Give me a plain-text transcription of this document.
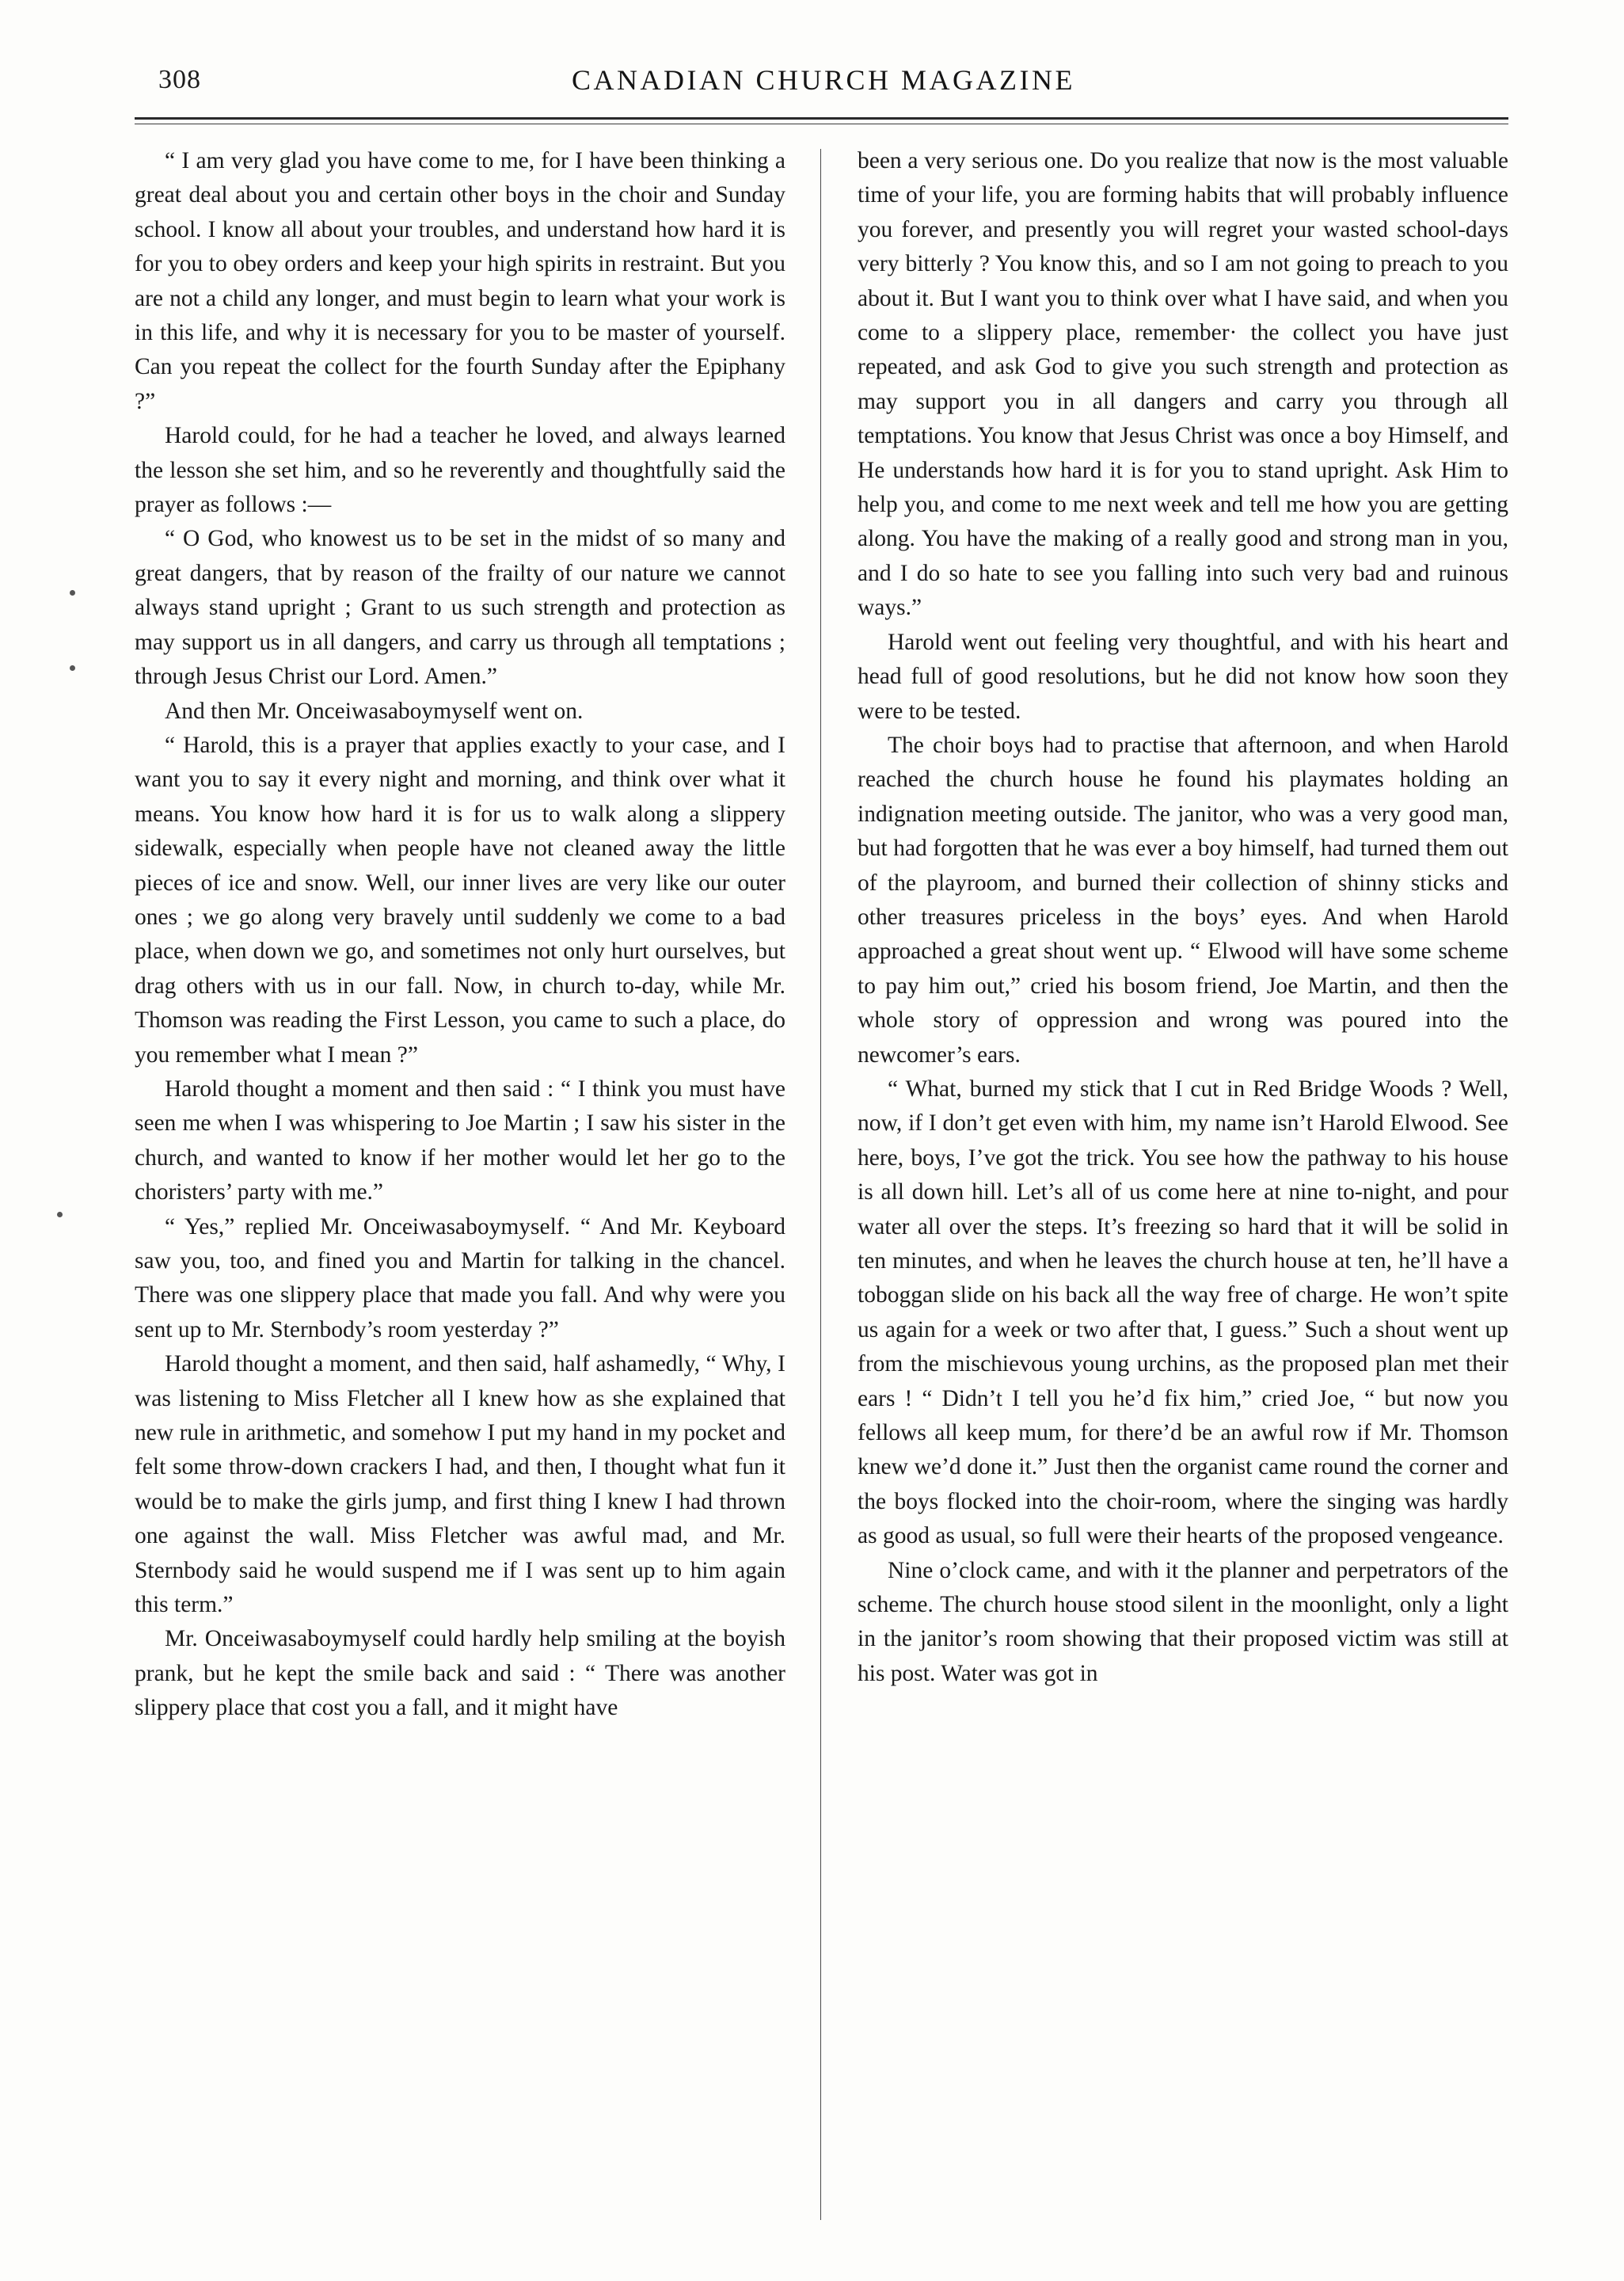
308	CANADIAN CHURCH MAGAZINE

“ I am very glad you have come to me, for I have been thinking a great deal about you and certain other boys in the choir and Sunday school. I know all about your troubles, and understand how hard it is for you to obey orders and keep your high spirits in restraint. But you are not a child any longer, and must begin to learn what your work is in this life, and why it is necessary for you to be master of yourself. Can you repeat the collect for the fourth Sunday after the Epiphany ?”

Harold could, for he had a teacher he loved, and always learned the lesson she set him, and so he reverently and thoughtfully said the prayer as follows :—

“ O God, who knowest us to be set in the midst of so many and great dangers, that by reason of the frailty of our nature we cannot always stand upright ; Grant to us such strength and protection as may support us in all dangers, and carry us through all temptations ; through Jesus Christ our Lord. Amen.”

And then Mr. Onceiwasaboymyself went on.

“ Harold, this is a prayer that applies exactly to your case, and I want you to say it every night and morning, and think over what it means. You know how hard it is for us to walk along a slippery sidewalk, especially when people have not cleaned away the little pieces of ice and snow. Well, our inner lives are very like our outer ones ; we go along very bravely until suddenly we come to a bad place, when down we go, and sometimes not only hurt ourselves, but drag others with us in our fall. Now, in church to-day, while Mr. Thomson was reading the First Lesson, you came to such a place, do you remember what I mean ?”

Harold thought a moment and then said : “ I think you must have seen me when I was whispering to Joe Martin ; I saw his sister in the church, and wanted to know if her mother would let her go to the choristers’ party with me.”

“ Yes,” replied Mr. Onceiwasaboymyself. “ And Mr. Keyboard saw you, too, and fined you and Martin for talking in the chancel. There was one slippery place that made you fall. And why were you sent up to Mr. Sternbody’s room yesterday ?”

Harold thought a moment, and then said, half ashamedly, “ Why, I was listening to Miss Fletcher all I knew how as she explained that new rule in arithmetic, and somehow I put my hand in my pocket and felt some throw-down crackers I had, and then, I thought what fun it would be to make the girls jump, and first thing I knew I had thrown one against the wall. Miss Fletcher was awful mad, and Mr. Sternbody said he would suspend me if I was sent up to him again this term.”

Mr. Onceiwasaboymyself could hardly help smiling at the boyish prank, but he kept the smile back and said : “ There was another slippery place that cost you a fall, and it might have

been a very serious one. Do you realize that now is the most valuable time of your life, you are forming habits that will probably influence you forever, and presently you will regret your wasted school-days very bitterly ? You know this, and so I am not going to preach to you about it. But I want you to think over what I have said, and when you come to a slippery place, remember· the collect you have just repeated, and ask God to give you such strength and protection as may support you in all dangers and carry you through all temptations. You know that Jesus Christ was once a boy Himself, and He understands how hard it is for you to stand upright. Ask Him to help you, and come to me next week and tell me how you are getting along. You have the making of a really good and strong man in you, and I do so hate to see you falling into such very bad and ruinous ways.”

Harold went out feeling very thoughtful, and with his heart and head full of good resolutions, but he did not know how soon they were to be tested.

The choir boys had to practise that afternoon, and when Harold reached the church house he found his playmates holding an indignation meeting outside. The janitor, who was a very good man, but had forgotten that he was ever a boy himself, had turned them out of the playroom, and burned their collection of shinny sticks and other treasures priceless in the boys’ eyes. And when Harold approached a great shout went up. “ Elwood will have some scheme to pay him out,” cried his bosom friend, Joe Martin, and then the whole story of oppression and wrong was poured into the newcomer’s ears.

“ What, burned my stick that I cut in Red Bridge Woods ? Well, now, if I don’t get even with him, my name isn’t Harold Elwood. See here, boys, I’ve got the trick. You see how the pathway to his house is all down hill. Let’s all of us come here at nine to-night, and pour water all over the steps. It’s freezing so hard that it will be solid in ten minutes, and when he leaves the church house at ten, he’ll have a toboggan slide on his back all the way free of charge. He won’t spite us again for a week or two after that, I guess.” Such a shout went up from the mischievous young urchins, as the proposed plan met their ears ! “ Didn’t I tell you he’d fix him,” cried Joe, “ but now you fellows all keep mum, for there’d be an awful row if Mr. Thomson knew we’d done it.” Just then the organist came round the corner and the boys flocked into the choir-room, where the singing was hardly as good as usual, so full were their hearts of the proposed vengeance.

Nine o’clock came, and with it the planner and perpetrators of the scheme. The church house stood silent in the moonlight, only a light in the janitor’s room showing that their proposed victim was still at his post. Water was got in
